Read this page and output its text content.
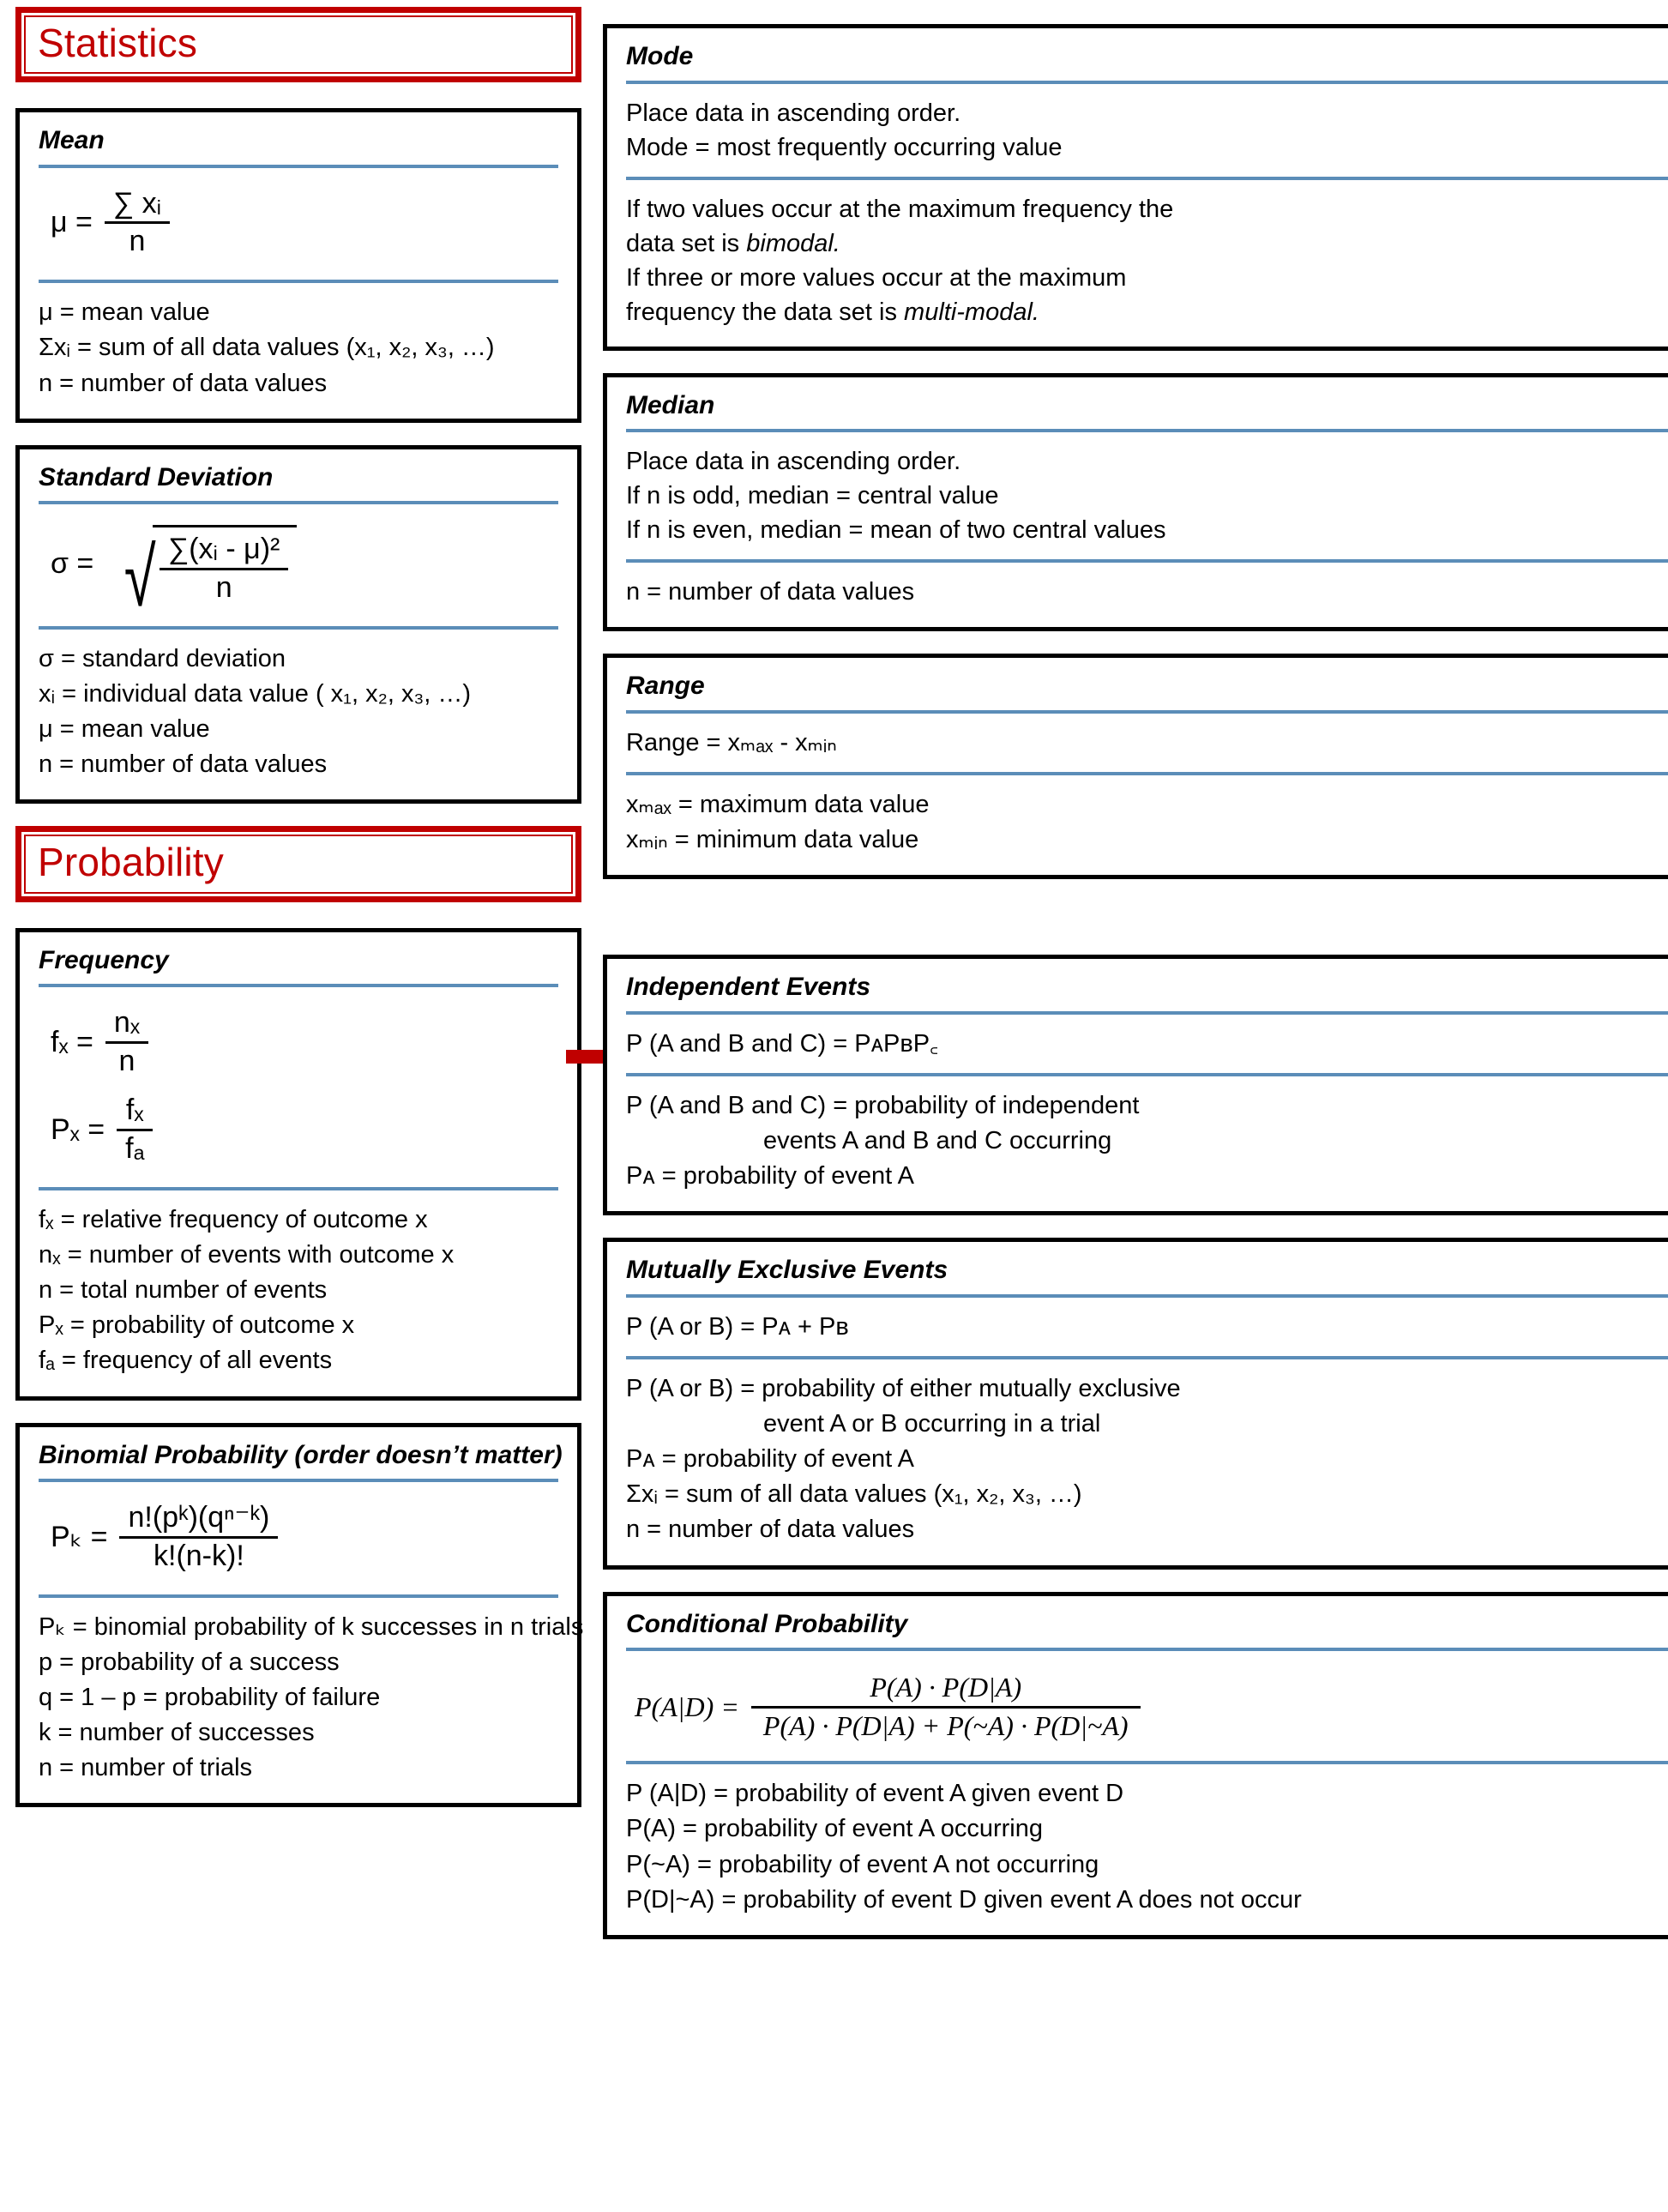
Statistics
Mean
$\mu = \frac{\text{∑ xᵢ}}{n}$
μ = mean value
Σxᵢ = sum of all data values (x₁, x₂, x₃, …)
n = number of data values
Standard Deviation
σ = √ $\frac{\text{∑(xᵢ - μ)²}}{n}$
σ = standard deviation
xᵢ = individual data value ( x₁, x₂, x₃, …)
μ = mean value
n = number of data values
Probability
Frequency
$f_x = \frac{\text{nₓ}}{n}$
$P_x = \frac{\text{fₓ}}{\text{fₐ}}$
fₓ = relative frequency of outcome x
nₓ = number of events with outcome x
n = total number of events
Pₓ = probability of outcome x
fₐ = frequency of all events
Binomial Probability (order doesn’t matter)
$P_k = \frac{\text{n!(pᵏ)(qⁿ⁻ᵏ)}}{k!(n-k)!}$
Pₖ = binomial probability of k successes in n trials
p = probability of a success
q = 1 – p = probability of failure
k = number of successes
n = number of trials
Mode
Place data in ascending order.
Mode = most frequently occurring value
If two values occur at the maximum frequency the
data set is bimodal.
If three or more values occur at the maximum
frequency the data set is multi-modal.
Median
Place data in ascending order.
If n is odd, median = central value
If n is even, median = mean of two central values
n = number of data values
Range
Range = xₘₐₓ - xₘᵢₙ
xₘₐₓ = maximum data value
xₘᵢₙ = minimum data value
Independent Events
P (A and B and C) = PᴀPʙP꜀
P (A and B and C) = probability of independent
events A and B and C occurring
Pᴀ = probability of event A
Mutually Exclusive Events
P (A or B) = Pᴀ + Pʙ
P (A or B) = probability of either mutually exclusive
event A or B occurring in a trial
Pᴀ = probability of event A
Σxᵢ = sum of all data values (x₁, x₂, x₃, …)
n = number of data values
Conditional Probability
$P(A|D) = \frac{P(A) \cdot P(D|A)}{P(A) \cdot P(D|A) + P(\sim A) \cdot P(D|\sim A)}$
P (A|D) = probability of event A given event D
P(A) = probability of event A occurring
P(~A) = probability of event A not occurring
P(D|~A) = probability of event D given event A does not occur
